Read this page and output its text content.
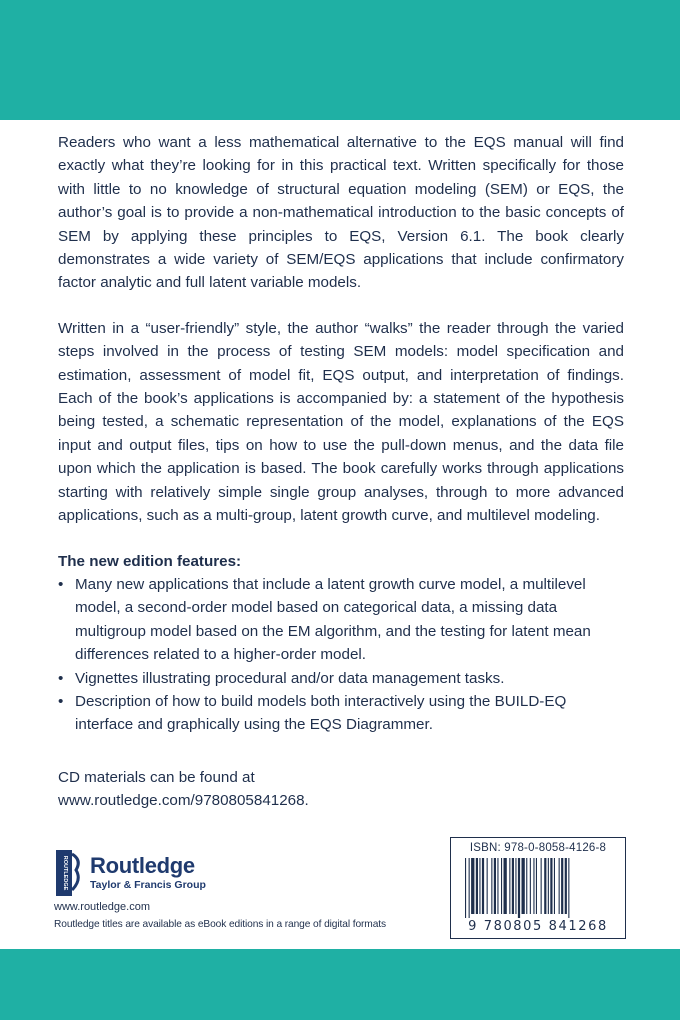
Readers who want a less mathematical alternative to the EQS manual will find exactly what they’re looking for in this practical text. Written specifically for those with little to no knowledge of structural equation modeling (SEM) or EQS, the author’s goal is to provide a non-mathematical introduction to the basic concepts of SEM by applying these principles to EQS, Version 6.1. The book clearly demonstrates a wide variety of SEM/EQS applications that include confirmatory factor analytic and full latent variable models.

Written in a “user-friendly” style, the author “walks” the reader through the varied steps involved in the process of testing SEM models: model specification and estimation, assessment of model fit, EQS output, and interpretation of findings. Each of the book’s applications is accompanied by: a statement of the hypothesis being tested, a schematic representation of the model, explanations of the EQS input and output files, tips on how to use the pull-down menus, and the data file upon which the application is based. The book carefully works through applications starting with relatively simple single group analyses, through to more advanced applications, such as a multi-group, latent growth curve, and multilevel modeling.

The new edition features:
• Many new applications that include a latent growth curve model, a multilevel model, a second-order model based on categorical data, a missing data multigroup model based on the EM algorithm, and the testing for latent mean differences related to a higher-order model.
• Vignettes illustrating procedural and/or data management tasks.
• Description of how to build models both interactively using the BUILD-EQ interface and graphically using the EQS Diagrammer.
CD materials can be found at
www.routledge.com/9780805841268.
ROUTLEDGE Routledge
Taylor & Francis Group
www.routledge.com
Routledge titles are available as eBook editions in a range of digital formats
ISBN: 978-0-8058-4126-8
9 780805 841268
